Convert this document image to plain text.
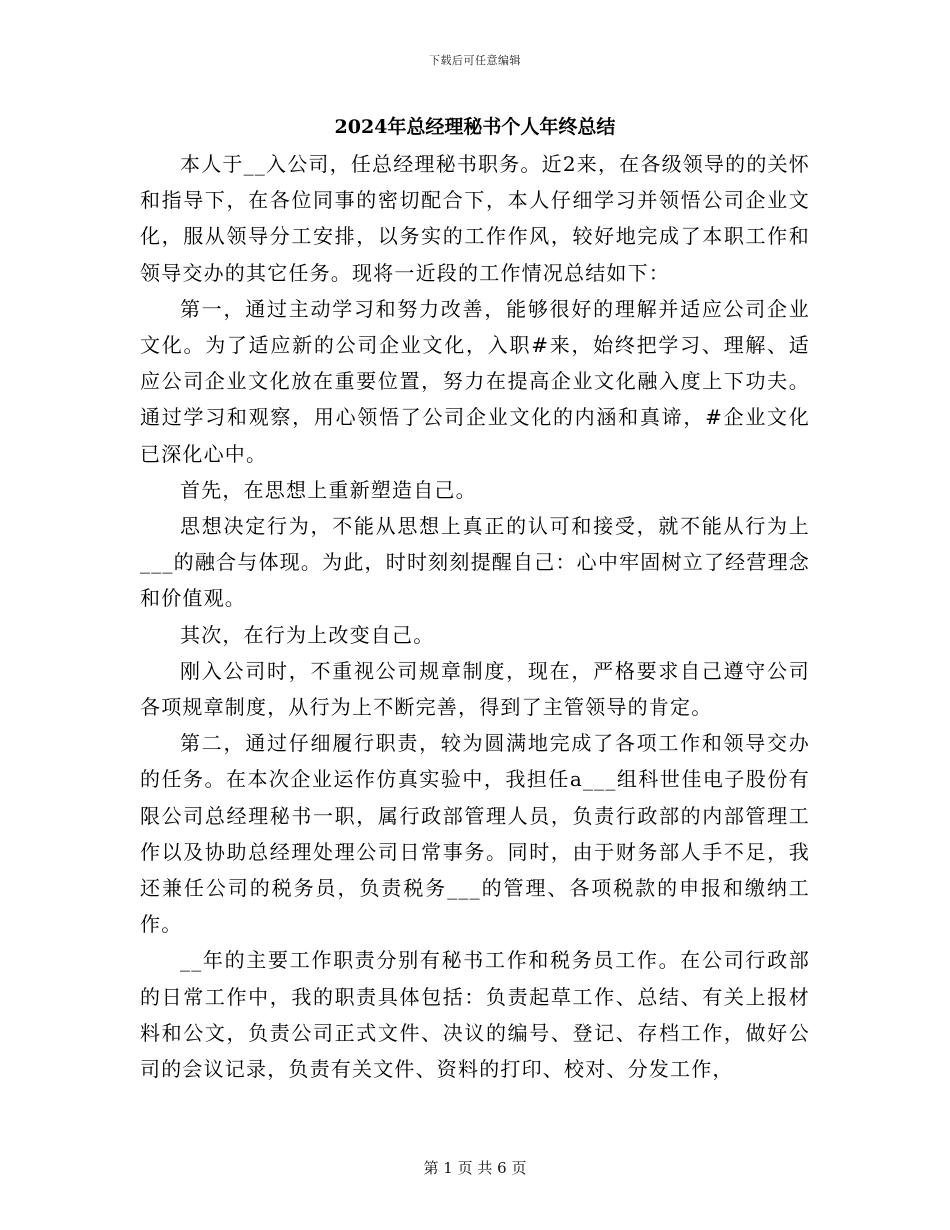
下载后可任意编辑
2024年总经理秘书个人年终总结

本人于__入公司，任总经理秘书职务。近2来，在各级领导的的关怀和指导下，在各位同事的密切配合下，本人仔细学习并领悟公司企业文化，服从领导分工安排，以务实的工作作风，较好地完成了本职工作和领导交办的其它任务。现将一近段的工作情况总结如下：

第一，通过主动学习和努力改善，能够很好的理解并适应公司企业文化。为了适应新的公司企业文化，入职#来，始终把学习、理解、适应公司企业文化放在重要位置，努力在提高企业文化融入度上下功夫。通过学习和观察，用心领悟了公司企业文化的内涵和真谛，#企业文化已深化心中。

首先，在思想上重新塑造自己。

思想决定行为，不能从思想上真正的认可和接受，就不能从行为上___的融合与体现。为此，时时刻刻提醒自己：心中牢固树立了经营理念和价值观。

其次，在行为上改变自己。

刚入公司时，不重视公司规章制度，现在，严格要求自己遵守公司各项规章制度，从行为上不断完善，得到了主管领导的肯定。

第二，通过仔细履行职责，较为圆满地完成了各项工作和领导交办的任务。在本次企业运作仿真实验中，我担任a___组科世佳电子股份有限公司总经理秘书一职，属行政部管理人员，负责行政部的内部管理工作以及协助总经理处理公司日常事务。同时，由于财务部人手不足，我还兼任公司的税务员，负责税务___的管理、各项税款的申报和缴纳工作。

__年的主要工作职责分别有秘书工作和税务员工作。在公司行政部的日常工作中，我的职责具体包括：负责起草工作、总结、有关上报材料和公文，负责公司正式文件、决议的编号、登记、存档工作，做好公司的会议记录，负责有关文件、资料的打印、校对、分发工作，

第 1 页 共 6 页
